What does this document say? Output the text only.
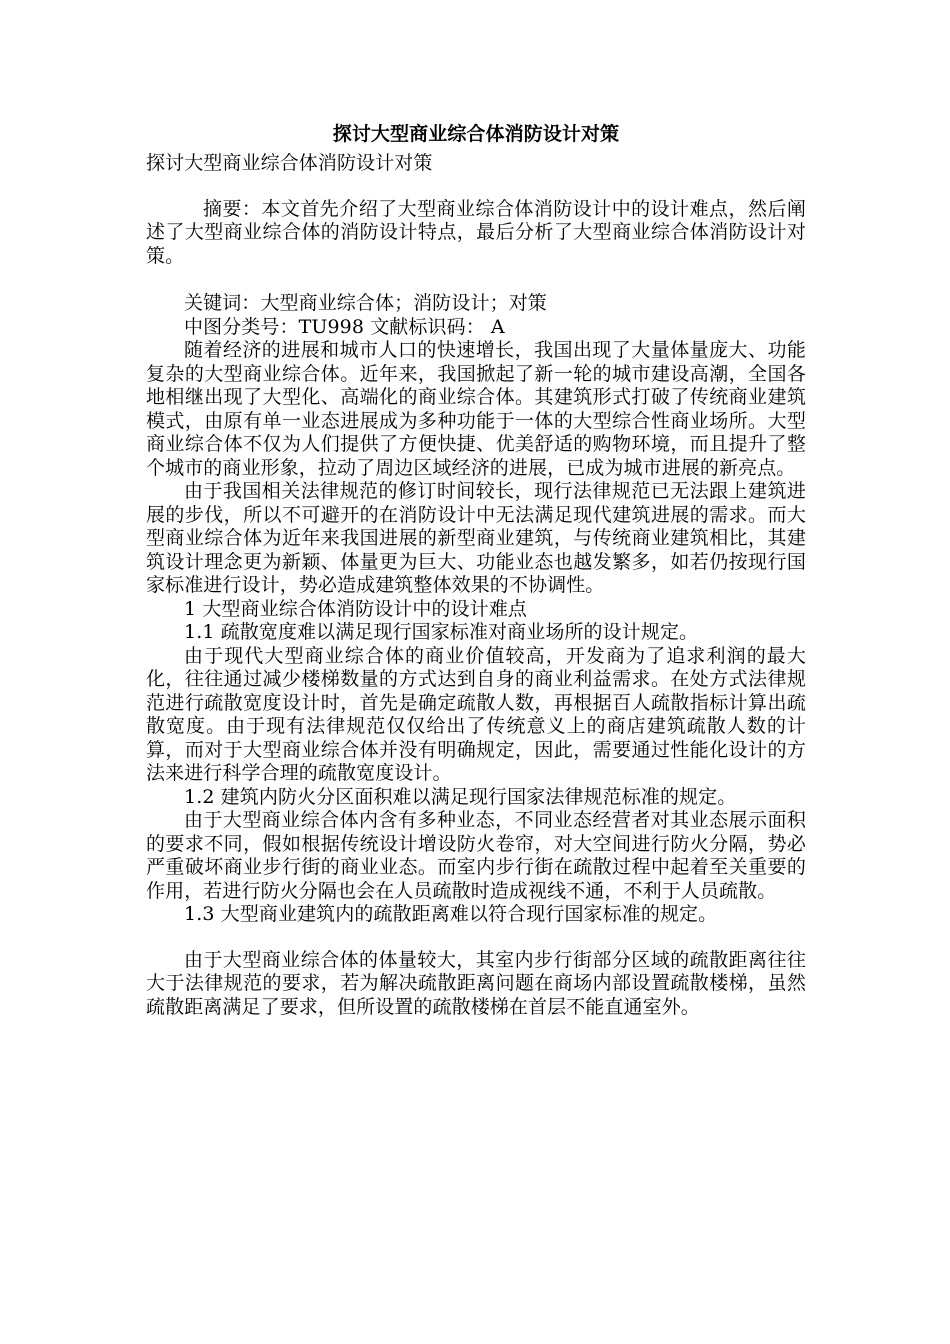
探讨大型商业综合体消防设计对策
探讨大型商业综合体消防设计对策

摘要：本文首先介绍了大型商业综合体消防设计中的设计难点，然后阐述了大型商业综合体的消防设计特点，最后分析了大型商业综合体消防设计对策。

关键词：大型商业综合体；消防设计；对策

中图分类号：TU998 文献标识码： A

随着经济的进展和城市人口的快速增长，我国出现了大量体量庞大、功能复杂的大型商业综合体。近年来，我国掀起了新一轮的城市建设高潮，全国各地相继出现了大型化、高端化的商业综合体。其建筑形式打破了传统商业建筑模式，由原有单一业态进展成为多种功能于一体的大型综合性商业场所。大型商业综合体不仅为人们提供了方便快捷、优美舒适的购物环境，而且提升了整个城市的商业形象，拉动了周边区域经济的进展，已成为城市进展的新亮点。

由于我国相关法律规范的修订时间较长，现行法律规范已无法跟上建筑进展的步伐，所以不可避开的在消防设计中无法满足现代建筑进展的需求。而大型商业综合体为近年来我国进展的新型商业建筑，与传统商业建筑相比，其建筑设计理念更为新颖、体量更为巨大、功能业态也越发繁多，如若仍按现行国家标准进行设计，势必造成建筑整体效果的不协调性。

1 大型商业综合体消防设计中的设计难点

1.1 疏散宽度难以满足现行国家标准对商业场所的设计规定。

由于现代大型商业综合体的商业价值较高，开发商为了追求利润的最大化，往往通过减少楼梯数量的方式达到自身的商业利益需求。在处方式法律规范进行疏散宽度设计时，首先是确定疏散人数，再根据百人疏散指标计算出疏散宽度。由于现有法律规范仅仅给出了传统意义上的商店建筑疏散人数的计算，而对于大型商业综合体并没有明确规定，因此，需要通过性能化设计的方法来进行科学合理的疏散宽度设计。

1.2 建筑内防火分区面积难以满足现行国家法律规范标准的规定。

由于大型商业综合体内含有多种业态，不同业态经营者对其业态展示面积的要求不同，假如根据传统设计增设防火卷帘，对大空间进行防火分隔，势必严重破坏商业步行街的商业业态。而室内步行街在疏散过程中起着至关重要的作用，若进行防火分隔也会在人员疏散时造成视线不通，不利于人员疏散。

1.3 大型商业建筑内的疏散距离难以符合现行国家标准的规定。

由于大型商业综合体的体量较大，其室内步行街部分区域的疏散距离往往大于法律规范的要求，若为解决疏散距离问题在商场内部设置疏散楼梯，虽然疏散距离满足了要求，但所设置的疏散楼梯在首层不能直通室外。
